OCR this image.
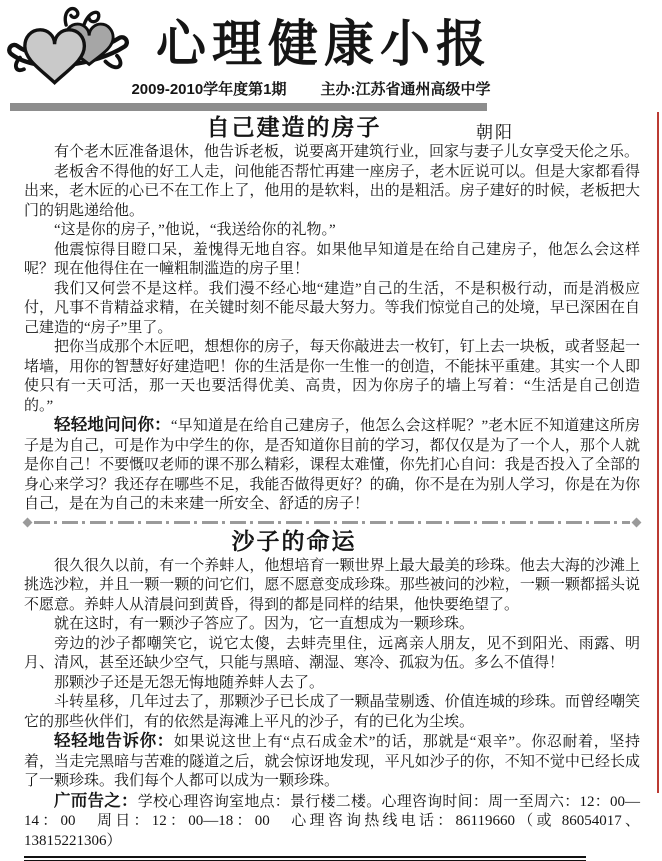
心理健康小报
2009-2010学年度第1期 主办:江苏省通州高级中学
自己建造的房子	朝阳

有个老木匠准备退休，他告诉老板，说要离开建筑行业，回家与妻子儿女享受天伦之乐。

老板舍不得他的好工人走，问他能否帮忙再建一座房子，老木匠说可以。但是大家都看得出来，老木匠的心已不在工作上了，他用的是软料，出的是粗活。房子建好的时候，老板把大门的钥匙递给他。

“这是你的房子，”他说，“我送给你的礼物。”

他震惊得目瞪口呆，羞愧得无地自容。如果他早知道是在给自己建房子，他怎么会这样呢？现在他得住在一幢粗制滥造的房子里！

我们又何尝不是这样。我们漫不经心地“建造”自己的生活，不是积极行动，而是消极应付，凡事不肯精益求精，在关键时刻不能尽最大努力。等我们惊觉自己的处境，早已深困在自己建造的“房子”里了。

把你当成那个木匠吧，想想你的房子，每天你敲进去一枚钉，钉上去一块板，或者竖起一堵墙，用你的智慧好好建造吧！你的生活是你一生惟一的创造，不能抹平重建。其实一个人即使只有一天可活，那一天也要活得优美、高贵，因为你房子的墙上写着：“生活是自己创造的。”

轻轻地问问你：“早知道是在给自己建房子，他怎么会这样呢？”老木匠不知道建这所房子是为自己，可是作为中学生的你，是否知道你目前的学习，都仅仅是为了一个人，那个人就是你自己！不要慨叹老师的课不那么精彩，课程太难懂，你先扪心自问：我是否投入了全部的身心来学习？我还存在哪些不足，我能否做得更好？的确，你不是在为别人学习，你是在为你自己，是在为自己的未来建一所安全、舒适的房子！

沙子的命运

很久很久以前，有一个养蚌人，他想培育一颗世界上最大最美的珍珠。他去大海的沙滩上挑选沙粒，并且一颗一颗的问它们，愿不愿意变成珍珠。那些被问的沙粒，一颗一颗都摇头说不愿意。养蚌人从清晨问到黄昏，得到的都是同样的结果，他快要绝望了。

就在这时，有一颗沙子答应了。因为，它一直想成为一颗珍珠。

旁边的沙子都嘲笑它，说它太傻，去蚌壳里住，远离亲人朋友，见不到阳光、雨露、明月、清风，甚至还缺少空气，只能与黑暗、潮湿、寒冷、孤寂为伍。多么不值得！

那颗沙子还是无怨无悔地随养蚌人去了。

斗转星移，几年过去了，那颗沙子已长成了一颗晶莹剔透、价值连城的珍珠。而曾经嘲笑它的那些伙伴们，有的依然是海滩上平凡的沙子，有的已化为尘埃。

轻轻地告诉你：如果说这世上有“点石成金术”的话，那就是“艰辛”。你忍耐着，坚持着，当走完黑暗与苦难的隧道之后，就会惊讶地发现，平凡如沙子的你，不知不觉中已经长成了一颗珍珠。我们每个人都可以成为一颗珍珠。

广而告之：学校心理咨询室地点：景行楼二楼。心理咨询时间：周一至周六：12：00—14：00　周日：12：00—18：00　心理咨询热线电话：86119660（或 86054017、13815221306）
